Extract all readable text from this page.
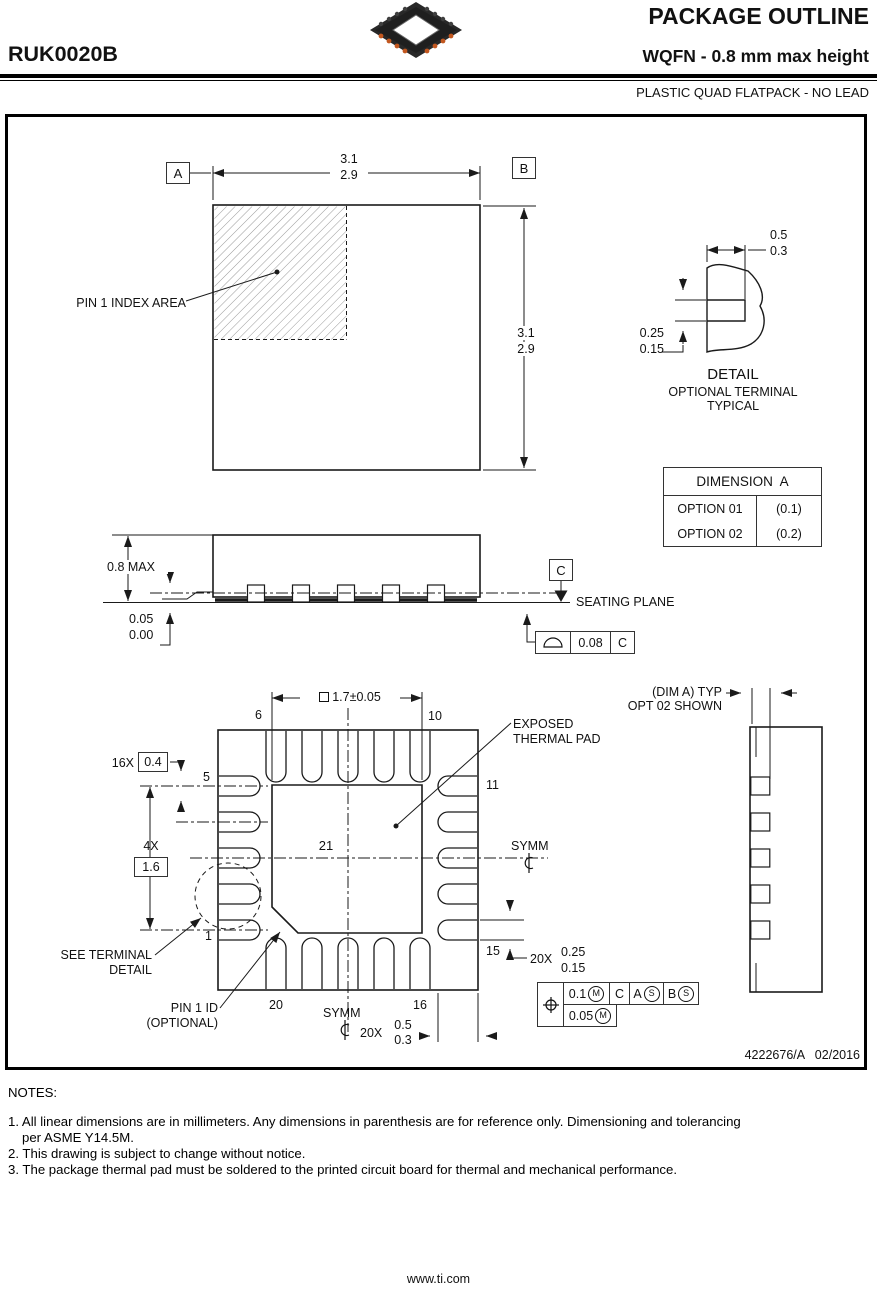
RUK0020B
PACKAGE OUTLINE
WQFN - 0.8 mm max height
PLASTIC QUAD FLATPACK - NO LEAD
PIN 1 INDEX AREA
3.1
2.9
A	B
3.1
2.9
0.5
0.3
0.25
0.15
DETAIL
OPTIONAL TERMINAL
TYPICAL
DIMENSION  A
OPTION 01	(0.1)
OPTION 02	(0.2)
0.8 MAX
0.05
0.00
C
SEATING PLANE
0.08	C
1.7±0.05
6	10
5
11
21
1
15
20	16
EXPOSED
THERMAL PAD
SYMM
SYMM
16X 0.4
4X
1.6
SEE TERMINAL
DETAIL
PIN 1 ID
(OPTIONAL)
20X 0.25
0.15
20X
0.5
0.3
(DIM A) TYP
OPT 02 SHOWN
0.1 M	C A S	B S
0.05 M
4222676/A   02/2016
NOTES:
1. All linear dimensions are in millimeters. Any dimensions in parenthesis are for reference only. Dimensioning and tolerancing
per ASME Y14.5M.
2. This drawing is subject to change without notice.
3. The package thermal pad must be soldered to the printed circuit board for thermal and mechanical performance.
www.ti.com
